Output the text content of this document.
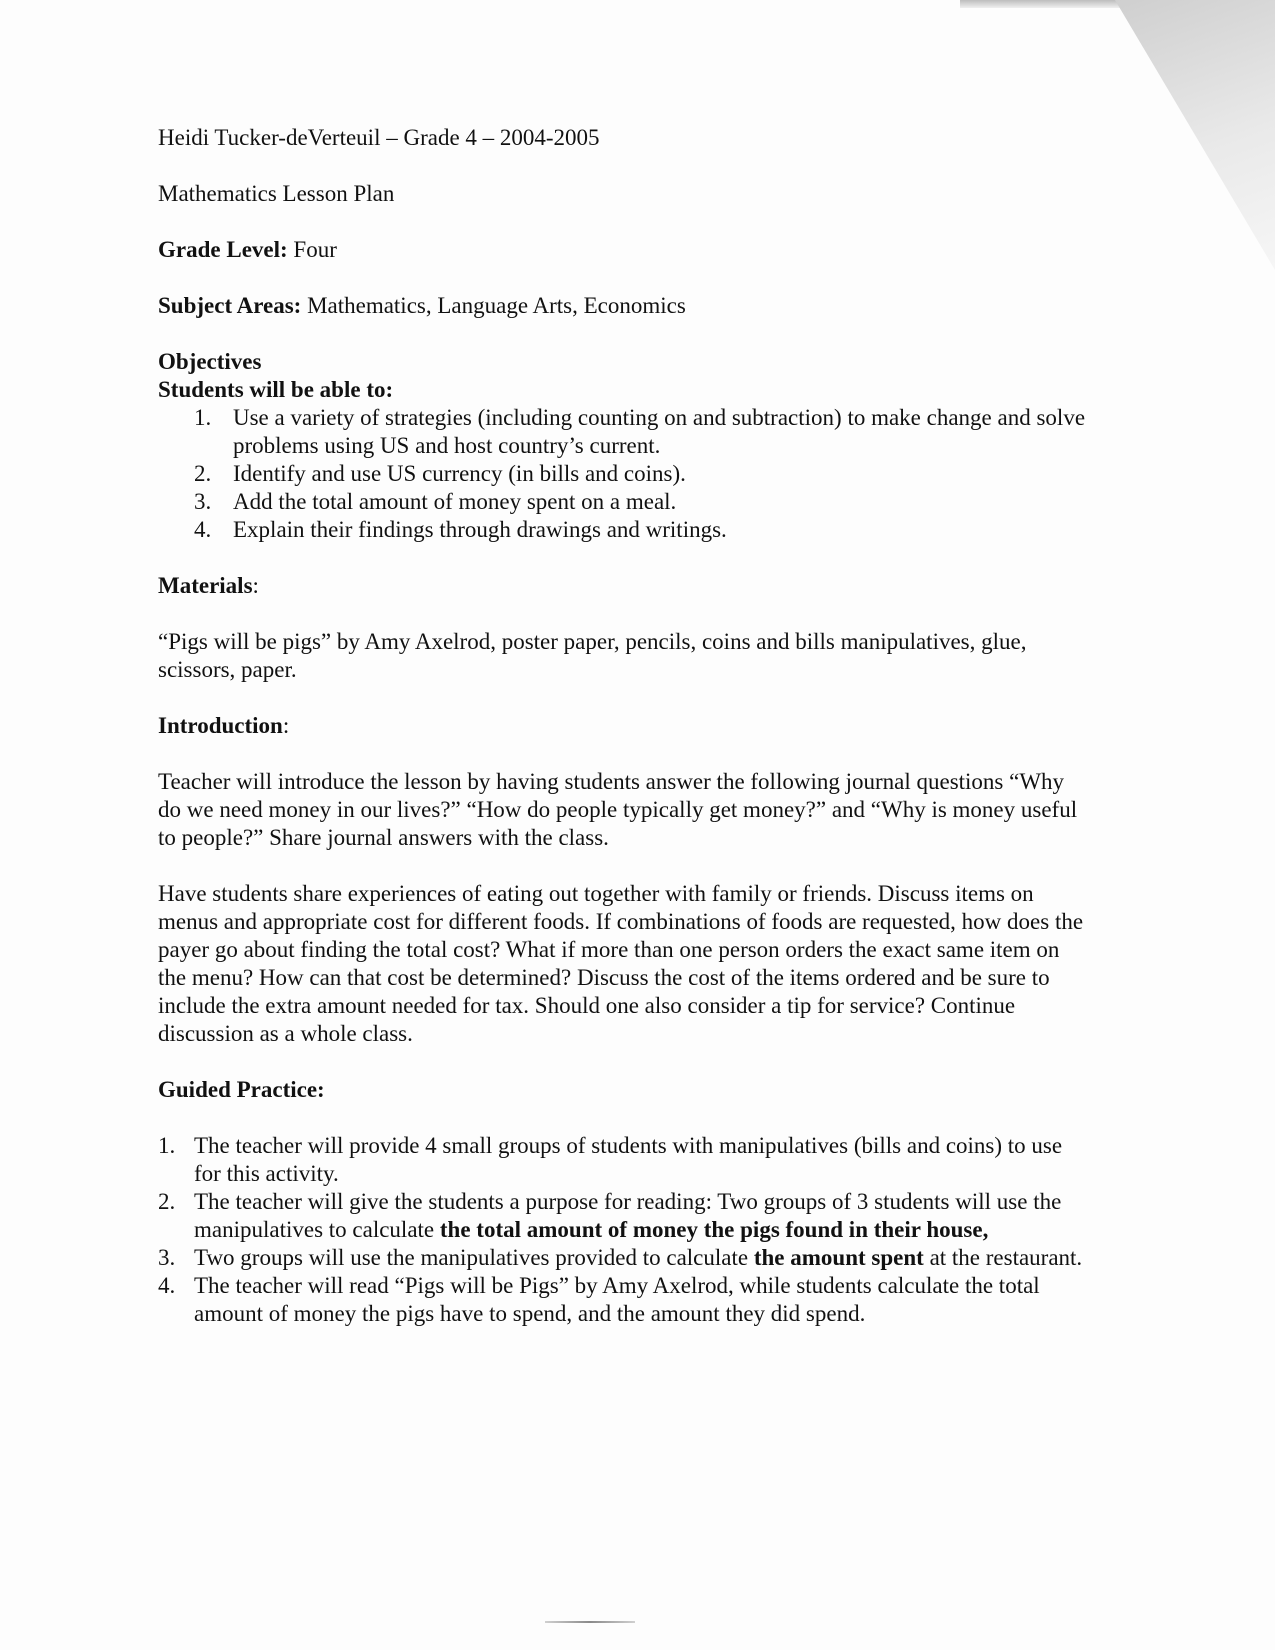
Heidi Tucker-deVerteuil – Grade 4 – 2004-2005

Mathematics Lesson Plan

Grade Level: Four

Subject Areas: Mathematics, Language Arts, Economics

Objectives

Students will be able to:

1. Use a variety of strategies (including counting on and subtraction) to make change and solve problems using US and host country’s current.
2. Identify and use US currency (in bills and coins).
3. Add the total amount of money spent on a meal.
4. Explain their findings through drawings and writings.

Materials:

“Pigs will be pigs” by Amy Axelrod, poster paper, pencils, coins and bills manipulatives, glue, scissors, paper.

Introduction:

Teacher will introduce the lesson by having students answer the following journal questions “Why do we need money in our lives?” “How do people typically get money?” and “Why is money useful to people?” Share journal answers with the class.

Have students share experiences of eating out together with family or friends. Discuss items on menus and appropriate cost for different foods. If combinations of foods are requested, how does the payer go about finding the total cost? What if more than one person orders the exact same item on the menu? How can that cost be determined? Discuss the cost of the items ordered and be sure to include the extra amount needed for tax. Should one also consider a tip for service? Continue discussion as a whole class.

Guided Practice:

1. The teacher will provide 4 small groups of students with manipulatives (bills and coins) to use for this activity.
2. The teacher will give the students a purpose for reading: Two groups of 3 students will use the manipulatives to calculate the total amount of money the pigs found in their house,
3. Two groups will use the manipulatives provided to calculate the amount spent at the restaurant.
4. The teacher will read “Pigs will be Pigs” by Amy Axelrod, while students calculate the total amount of money the pigs have to spend, and the amount they did spend.
